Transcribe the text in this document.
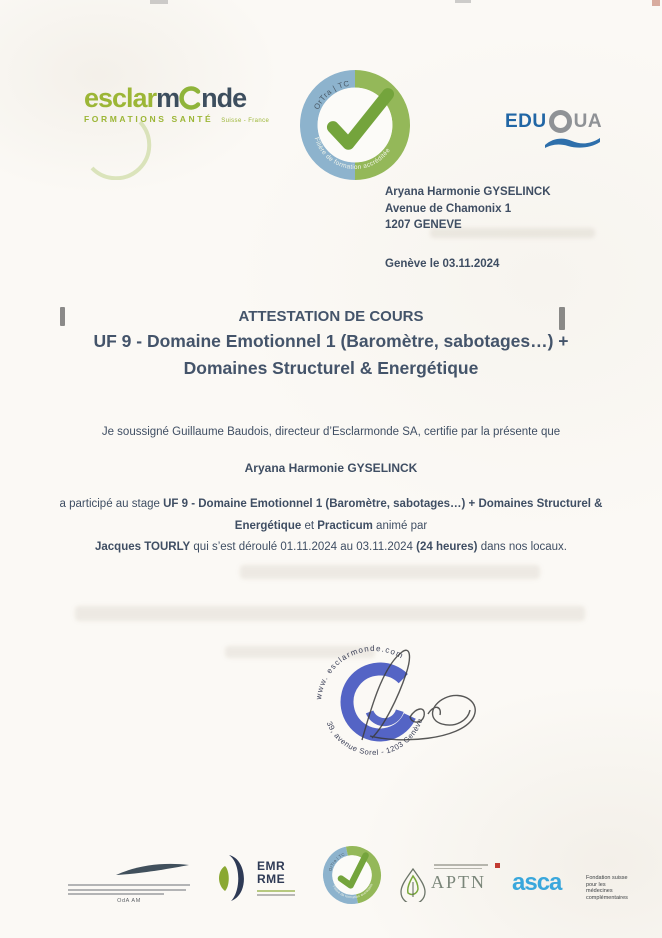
esclarm nde
FORMATIONS SANTÉ Suisse - France
OrTra | TC
Filière de formation accréditée
EDU UA
Aryana Harmonie GYSELINCK
Avenue de Chamonix 1
1207 GENEVE
Genève le 03.11.2024
ATTESTATION DE COURS
UF 9 - Domaine Emotionnel 1 (Baromètre, sabotages…) +
Domaines Structurel & Energétique
Je soussigné Guillaume Baudois, directeur d’Esclarmonde SA, certifie par la présente que
Aryana Harmonie GYSELINCK
a participé au stage UF 9 - Domaine Emotionnel 1 (Baromètre, sabotages…) + Domaines Structurel & Energétique et Practicum animé par
Jacques TOURLY qui s’est déroulé 01.11.2024 au 03.11.2024 (24 heures) dans nos locaux.
www. esclarmonde.com
39, avenue Sorel - 1203 Genève
OdA AM
EMR
RME
OrTra | TC
Filière de formation accréditée	APTN asca	Fondation suisse
pour les médecines
complémentaires
